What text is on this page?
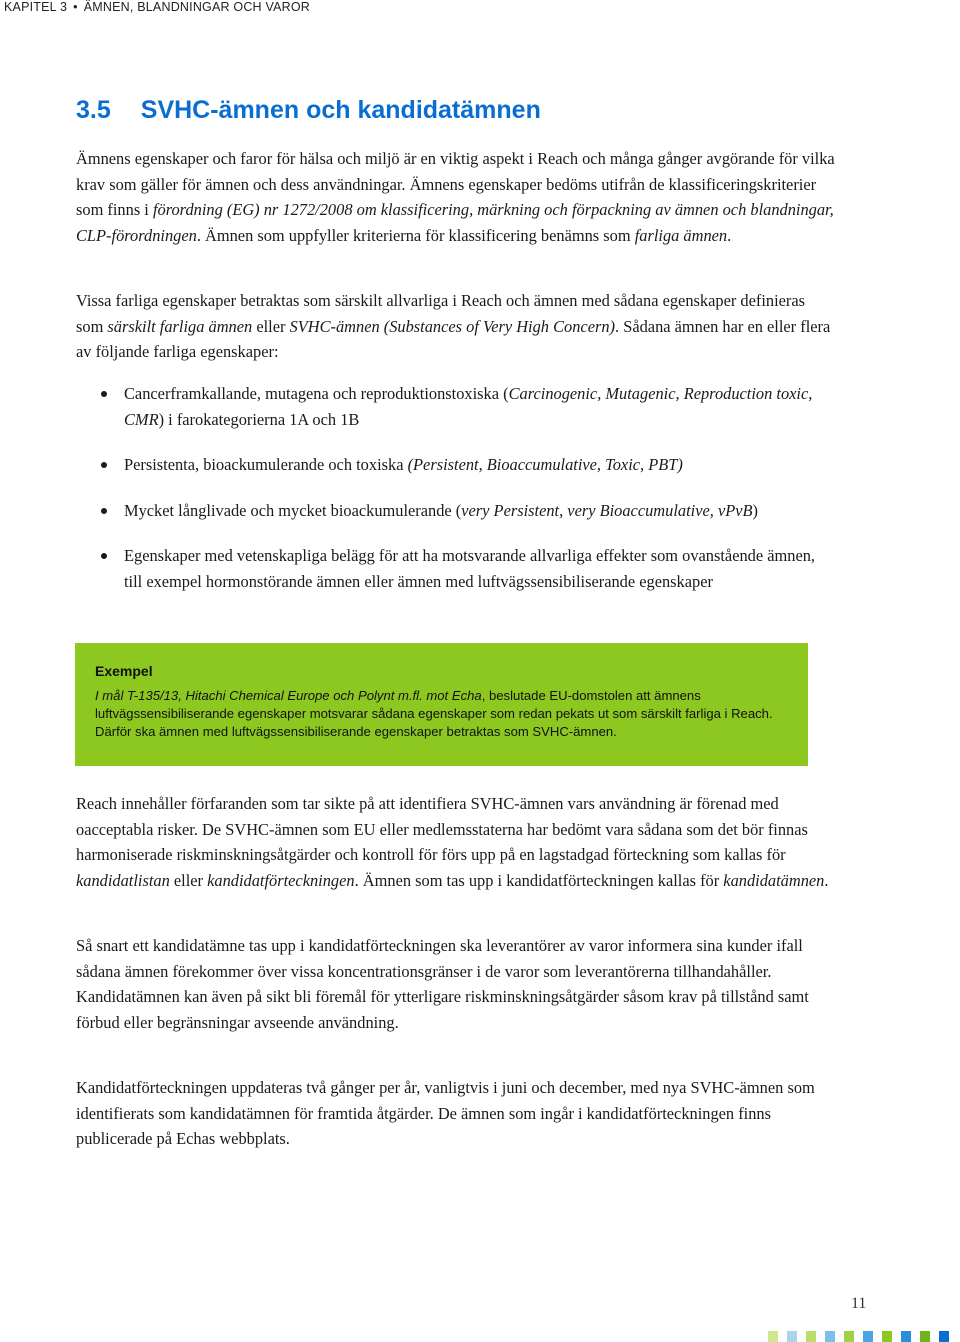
KAPITEL 3 • ÄMNEN, BLANDNINGAR OCH VAROR
3.5 SVHC-ämnen och kandidatämnen

Ämnens egenskaper och faror för hälsa och miljö är en viktig aspekt i Reach och många gånger avgörande för vilka krav som gäller för ämnen och dess användningar. Ämnens egenskaper bedöms utifrån de klassificeringskriterier som finns i förordning (EG) nr 1272/2008 om klassificering, märkning och förpackning av ämnen och blandningar, CLP-förordningen. Ämnen som uppfyller kriterierna för klassificering benämns som farliga ämnen.

Vissa farliga egenskaper betraktas som särskilt allvarliga i Reach och ämnen med sådana egenskaper definieras som särskilt farliga ämnen eller SVHC-ämnen (Substances of Very High Concern). Sådana ämnen har en eller flera av följande farliga egenskaper:

Cancerframkallande, mutagena och reproduktionstoxiska (Carcinogenic, Mutagenic, Reproduction toxic, CMR) i farokategorierna 1A och 1B
Persistenta, bioackumulerande och toxiska (Persistent, Bioaccumulative, Toxic, PBT)
Mycket långlivade och mycket bioackumulerande (very Persistent, very Bioaccumulative, vPvB)
Egenskaper med vetenskapliga belägg för att ha motsvarande allvarliga effekter som ovanstående ämnen, till exempel hormonstörande ämnen eller ämnen med luftvägssensibiliserande egenskaper

Exempel

I mål T-135/13, Hitachi Chemical Europe och Polynt m.fl. mot Echa, beslutade EU-domstolen att ämnens luftvägssensibiliserande egenskaper motsvarar sådana egenskaper som redan pekats ut som särskilt farliga i Reach. Därför ska ämnen med luftvägssensibiliserande egenskaper betraktas som SVHC-ämnen.

Reach innehåller förfaranden som tar sikte på att identifiera SVHC-ämnen vars användning är förenad med oacceptabla risker. De SVHC-ämnen som EU eller medlemsstaterna har bedömt vara sådana som det bör finnas harmoniserade riskminskningsåtgärder och kontroll för förs upp på en lagstadgad förteckning som kallas för kandidatlistan eller kandidatförteckningen. Ämnen som tas upp i kandidatförteckningen kallas för kandidatämnen.

Så snart ett kandidatämne tas upp i kandidatförteckningen ska leverantörer av varor informera sina kunder ifall sådana ämnen förekommer över vissa koncentrationsgränser i de varor som leverantörerna tillhandahåller. Kandidatämnen kan även på sikt bli föremål för ytterligare riskminskningsåtgärder såsom krav på tillstånd samt förbud eller begränsningar avseende användning.

Kandidatförteckningen uppdateras två gånger per år, vanligtvis i juni och december, med nya SVHC-ämnen som identifierats som kandidatämnen för framtida åtgärder. De ämnen som ingår i kandidatförteckningen finns publicerade på Echas webbplats.

11
